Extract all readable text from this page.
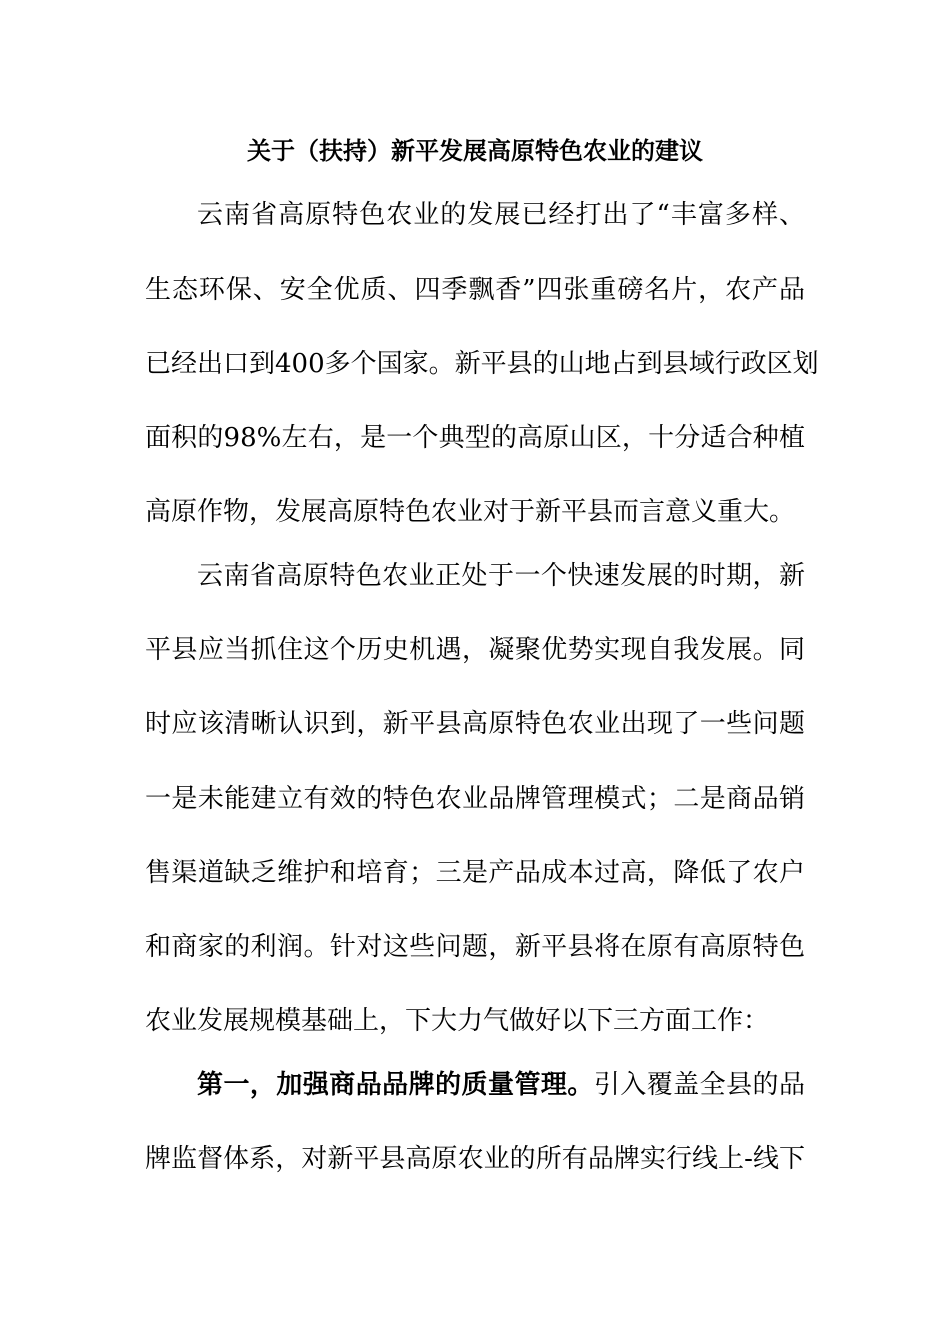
关于（扶持）新平发展高原特色农业的建议
云南省高原特色农业的发展已经打出了“丰富多样、
生态环保、安全优质、四季飘香”四张重磅名片，农产品
已经出口到400多个国家。新平县的山地占到县域行政区划
面积的98%左右，是一个典型的高原山区，十分适合种植
高原作物，发展高原特色农业对于新平县而言意义重大。
云南省高原特色农业正处于一个快速发展的时期，新
平县应当抓住这个历史机遇，凝聚优势实现自我发展。同
时应该清晰认识到，新平县高原特色农业出现了一些问题
一是未能建立有效的特色农业品牌管理模式；二是商品销
售渠道缺乏维护和培育；三是产品成本过高，降低了农户
和商家的利润。针对这些问题，新平县将在原有高原特色
农业发展规模基础上，下大力气做好以下三方面工作：
第一，加强商品品牌的质量管理。引入覆盖全县的品
牌监督体系，对新平县高原农业的所有品牌实行线上-线下
